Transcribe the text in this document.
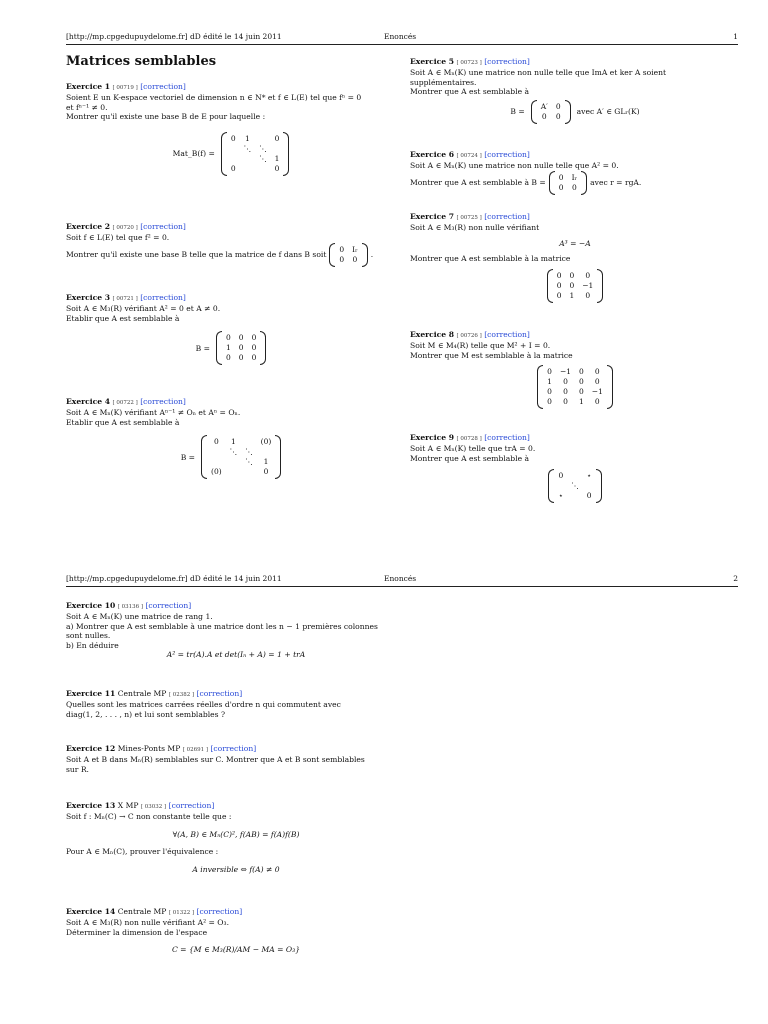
[http://mp.cpgedupuydelome.fr] dD édité le 14 juin 2011	Enoncés	1
Matrices semblables
Exercice 1 [ 00719 ] [correction]
Soient E un K-espace vectoriel de dimension n ∈ N* et f ∈ L(E) tel que fⁿ = 0
et fⁿ⁻¹ ≠ 0.
Montrer qu'il existe une base B de E pour laquelle :
Mat_B(f) =
0	1		0
	⋱	⋱	
		⋱	1
0			0
Exercice 2 [ 00720 ] [correction]
Soit f ∈ L(E) tel que f² = 0.
Montrer qu'il existe une base B telle que la matrice de f dans B soit
0	Iᵣ
0	0
.
Exercice 3 [ 00721 ] [correction]
Soit A ∈ M₃(R) vérifiant A² = 0 et A ≠ 0.
Etablir que A est semblable à
B =
0	0	0
1	0	0
0	0	0
Exercice 4 [ 00722 ] [correction]
Soit A ∈ Mₙ(K) vérifiant Aⁿ⁻¹ ≠ Oₙ et Aⁿ = Oₙ.
Etablir que A est semblable à
B =
0	1		(0)
	⋱	⋱	
		⋱	1
(0)			0
Exercice 5 [ 00723 ] [correction]
Soit A ∈ Mₙ(K) une matrice non nulle telle que ImA et ker A soient
supplémentaires.
Montrer que A est semblable à
B =
A′	0
0	0
avec A′ ∈ GLᵣ(K)
Exercice 6 [ 00724 ] [correction]
Soit A ∈ Mₙ(K) une matrice non nulle telle que A² = 0.
Montrer que A est semblable à B =
0	Iᵣ
0	0
avec r = rgA.
Exercice 7 [ 00725 ] [correction]
Soit A ∈ M₃(R) non nulle vérifiant
A³ = −A
Montrer que A est semblable à la matrice
0	0	0
0	0	−1
0	1	0
Exercice 8 [ 00726 ] [correction]
Soit M ∈ M₄(R) telle que M² + I = 0.
Montrer que M est semblable à la matrice
0	−1	0	0
1	0	0	0
0	0	0	−1
0	0	1	0
Exercice 9 [ 00728 ] [correction]
Soit A ∈ Mₙ(K) telle que trA = 0.
Montrer que A est semblable à
0		⋆
	⋱	
⋆		0
[http://mp.cpgedupuydelome.fr] dD édité le 14 juin 2011	Enoncés	2
Exercice 10 [ 03136 ] [correction]
Soit A ∈ Mₙ(K) une matrice de rang 1.
a) Montrer que A est semblable à une matrice dont les n − 1 premières colonnes
sont nulles.
b) En déduire
A² = tr(A).A et det(Iₙ + A) = 1 + trA
Exercice 11 Centrale MP [ 02382 ] [correction]
Quelles sont les matrices carrées réelles d'ordre n qui commutent avec
diag(1, 2, . . . , n) et lui sont semblables ?
Exercice 12 Mines-Ponts MP [ 02691 ] [correction]
Soit A et B dans Mₙ(R) semblables sur C. Montrer que A et B sont semblables
sur R.
Exercice 13 X MP [ 03032 ] [correction]
Soit f : Mₙ(C) → C non constante telle que :
∀(A, B) ∈ Mₙ(C)², f(AB) = f(A)f(B)
Pour A ∈ Mₙ(C), prouver l'équivalence :
A inversible ⇔ f(A) ≠ 0
Exercice 14 Centrale MP [ 01322 ] [correction]
Soit A ∈ M₃(R) non nulle vérifiant A² = O₃.
Déterminer la dimension de l'espace
C = {M ∈ M₃(R)/AM − MA = O₃}
